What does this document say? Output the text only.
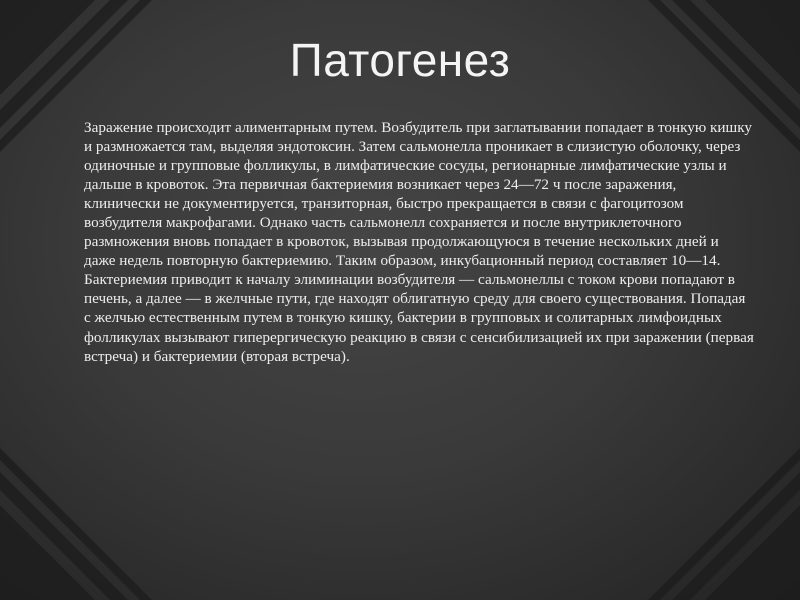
Патогенез

Заражение происходит алиментарным путем. Возбудитель при заглатывании попадает в тонкую кишку и размножается там, выделяя эндотоксин. Затем сальмонелла проникает в слизистую оболочку, через одиночные и групповые фолликулы, в лимфатические сосуды, регионарные лимфатические узлы и дальше в кровоток. Эта первичная бактериемия возникает через 24—72 ч после заражения, клинически не документируется, транзиторная, быстро прекращается в связи с фагоцитозом возбудителя макрофагами. Однако часть сальмонелл сохраняется и после внутриклеточного размножения вновь попадает в кровоток, вызывая продолжающуюся в течение нескольких дней и даже недель повторную бактериемию. Таким образом, инкубационный период составляет 10—14. Бактериемия приводит к началу элиминации возбудителя — сальмонеллы с током крови попадают в печень, а далее — в желчные пути, где находят облигатную среду для своего существования. Попадая с желчью естественным путем в тонкую кишку, бактерии в групповых и солитарных лимфоидных фолликулах вызывают гиперергическую реакцию в связи с сенсибилизацией их при заражении (первая встреча) и бактериемии (вторая встреча).
